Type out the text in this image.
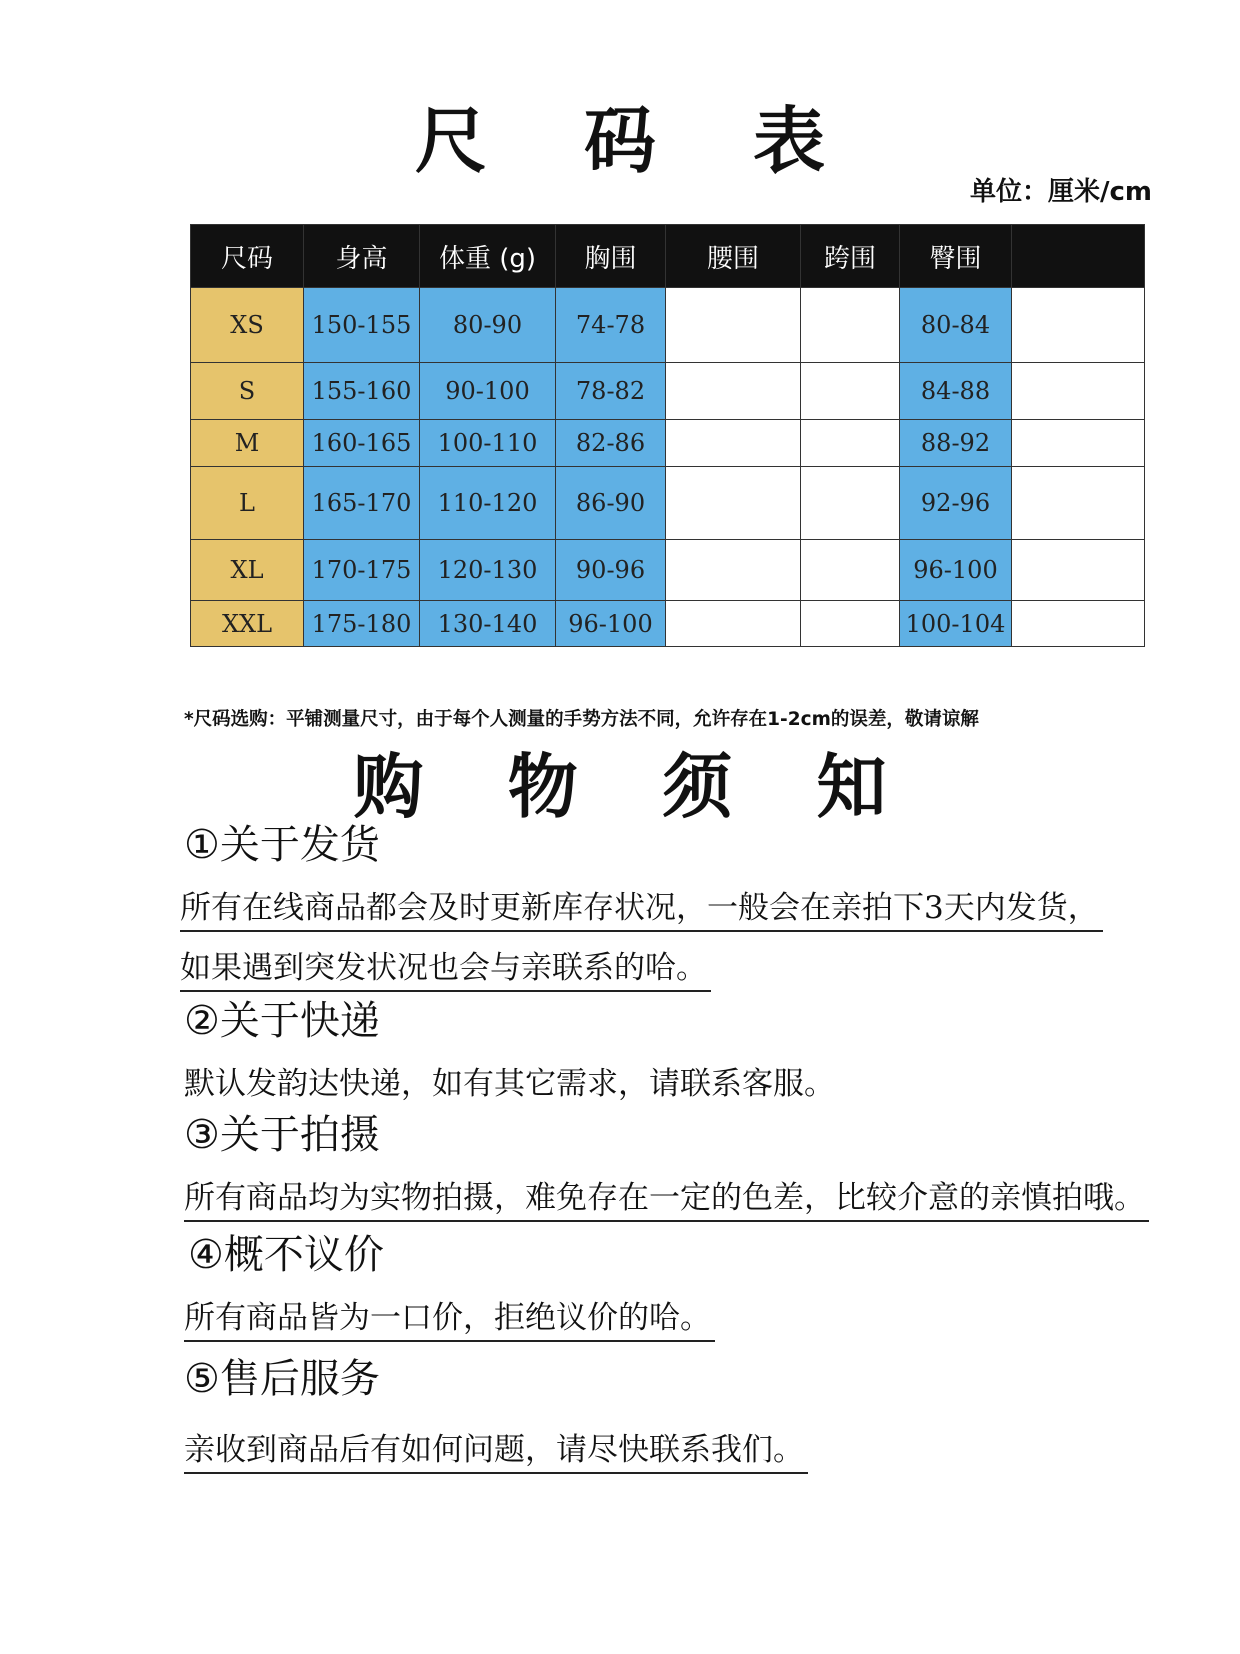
尺 码 表
单位：厘米/cm
尺码	身高	体重 (g)	胸围	腰围	跨围	臀围	
XS	150-155	80-90	74-78			80-84	
S	155-160	90-100	78-82			84-88	
M	160-165	100-110	82-86			88-92	
L	165-170	110-120	86-90			92-96	
XL	170-175	120-130	90-96			96-100	
XXL	175-180	130-140	96-100			100-104	
*尺码选购：平铺测量尺寸，由于每个人测量的手势方法不同，允许存在1-2cm的误差，敬请谅解
购 物 须 知
①关于发货
所有在线商品都会及时更新库存状况，一般会在亲拍下3天内发货，
如果遇到突发状况也会与亲联系的哈。
②关于快递
默认发韵达快递，如有其它需求，请联系客服。
③关于拍摄
所有商品均为实物拍摄，难免存在一定的色差，比较介意的亲慎拍哦。
④概不议价
所有商品皆为一口价，拒绝议价的哈。
⑤售后服务
亲收到商品后有如何问题，请尽快联系我们。
